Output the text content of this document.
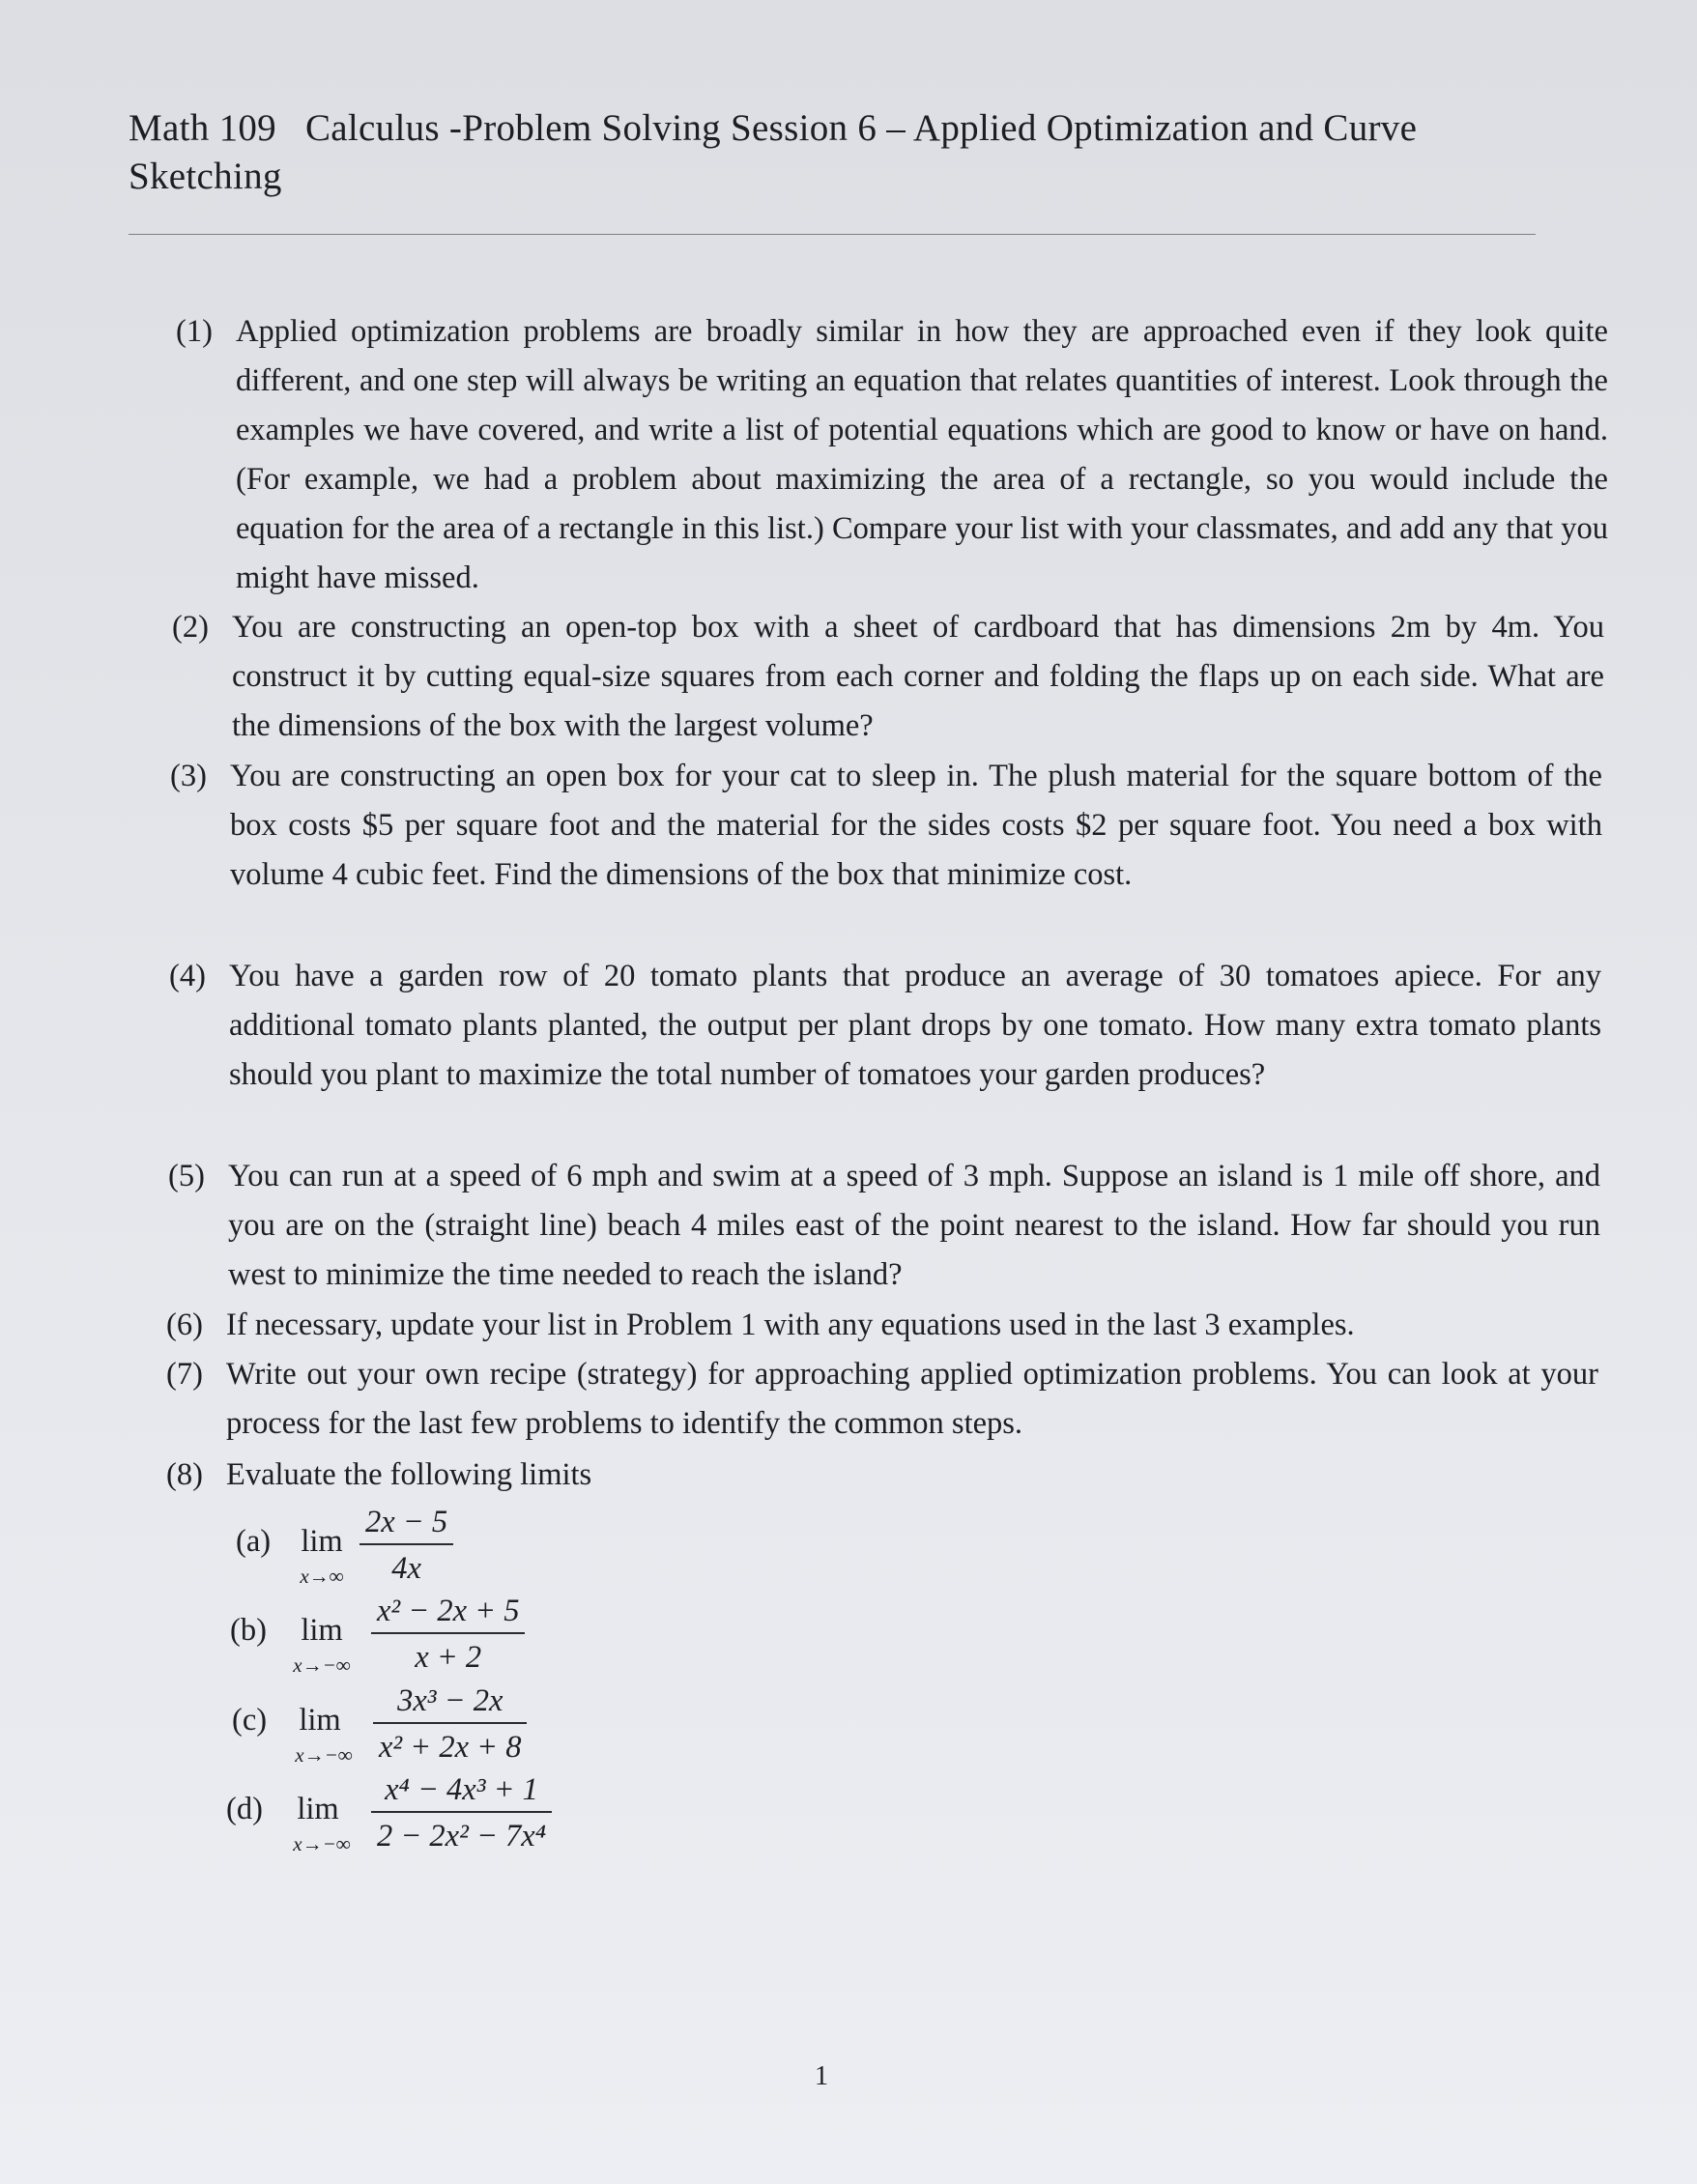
Math 109 Calculus -Problem Solving Session 6 – Applied Optimization and Curve Sketching
(1) Applied optimization problems are broadly similar in how they are approached even if they look quite different, and one step will always be writing an equation that relates quantities of interest. Look through the examples we have covered, and write a list of potential equations which are good to know or have on hand. (For example, we had a problem about maximizing the area of a rectangle, so you would include the equation for the area of a rectangle in this list.) Compare your list with your classmates, and add any that you might have missed.
(2) You are constructing an open-top box with a sheet of cardboard that has dimensions 2m by 4m. You construct it by cutting equal-size squares from each corner and folding the flaps up on each side. What are the dimensions of the box with the largest volume?
(3) You are constructing an open box for your cat to sleep in. The plush material for the square bottom of the box costs $5 per square foot and the material for the sides costs $2 per square foot. You need a box with volume 4 cubic feet. Find the dimensions of the box that minimize cost.
(4) You have a garden row of 20 tomato plants that produce an average of 30 tomatoes apiece. For any additional tomato plants planted, the output per plant drops by one tomato. How many extra tomato plants should you plant to maximize the total number of tomatoes your garden produces?
(5) You can run at a speed of 6 mph and swim at a speed of 3 mph. Suppose an island is 1 mile off shore, and you are on the (straight line) beach 4 miles east of the point nearest to the island. How far should you run west to minimize the time needed to reach the island?
(6) If necessary, update your list in Problem 1 with any equations used in the last 3 examples.
(7) Write out your own recipe (strategy) for approaching applied optimization problems. You can look at your process for the last few problems to identify the common steps.
(8) Evaluate the following limits
(a) lim
x→∞
2x − 5
4x
(b)	lim
x→−∞
x² − 2x + 5
x + 2
(c)	lim
x→−∞
3x³ − 2x
x² + 2x + 8
(d)	lim
x→−∞
x⁴ − 4x³ + 1
2 − 2x² − 7x⁴
1
